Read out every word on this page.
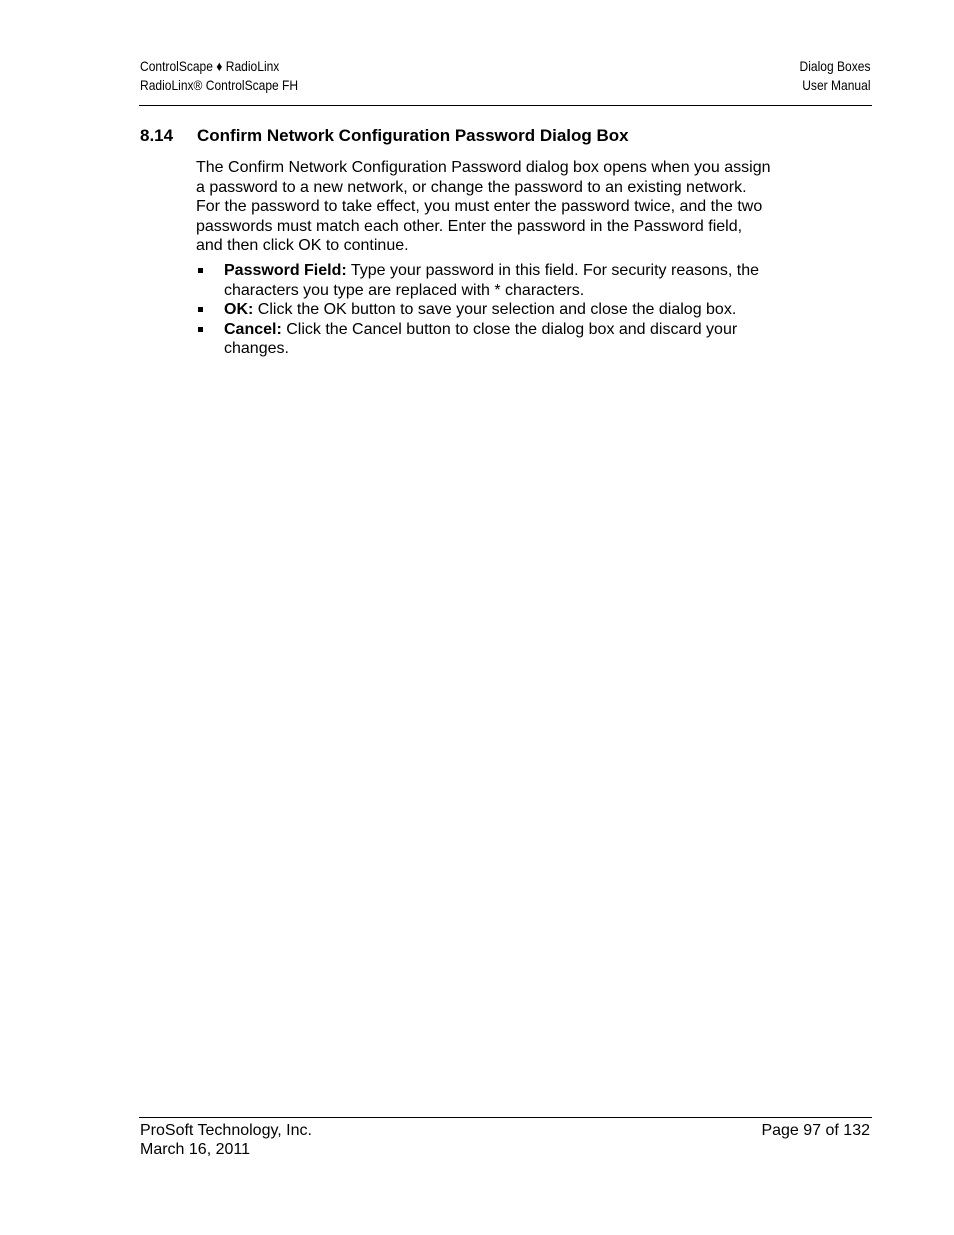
ControlScape ♦ RadioLinx
RadioLinx® ControlScape FH
Dialog Boxes
User Manual
8.14 Confirm Network Configuration Password Dialog Box

The Confirm Network Configuration Password dialog box opens when you assign
a password to a new network, or change the password to an existing network.
For the password to take effect, you must enter the password twice, and the two
passwords must match each other. Enter the password in the Password field,
and then click OK to continue.

Password Field: Type your password in this field. For security reasons, the
characters you type are replaced with * characters.
OK: Click the OK button to save your selection and close the dialog box.
Cancel: Click the Cancel button to close the dialog box and discard your
changes.
ProSoft Technology, Inc.
March 16, 2011
Page 97 of 132
